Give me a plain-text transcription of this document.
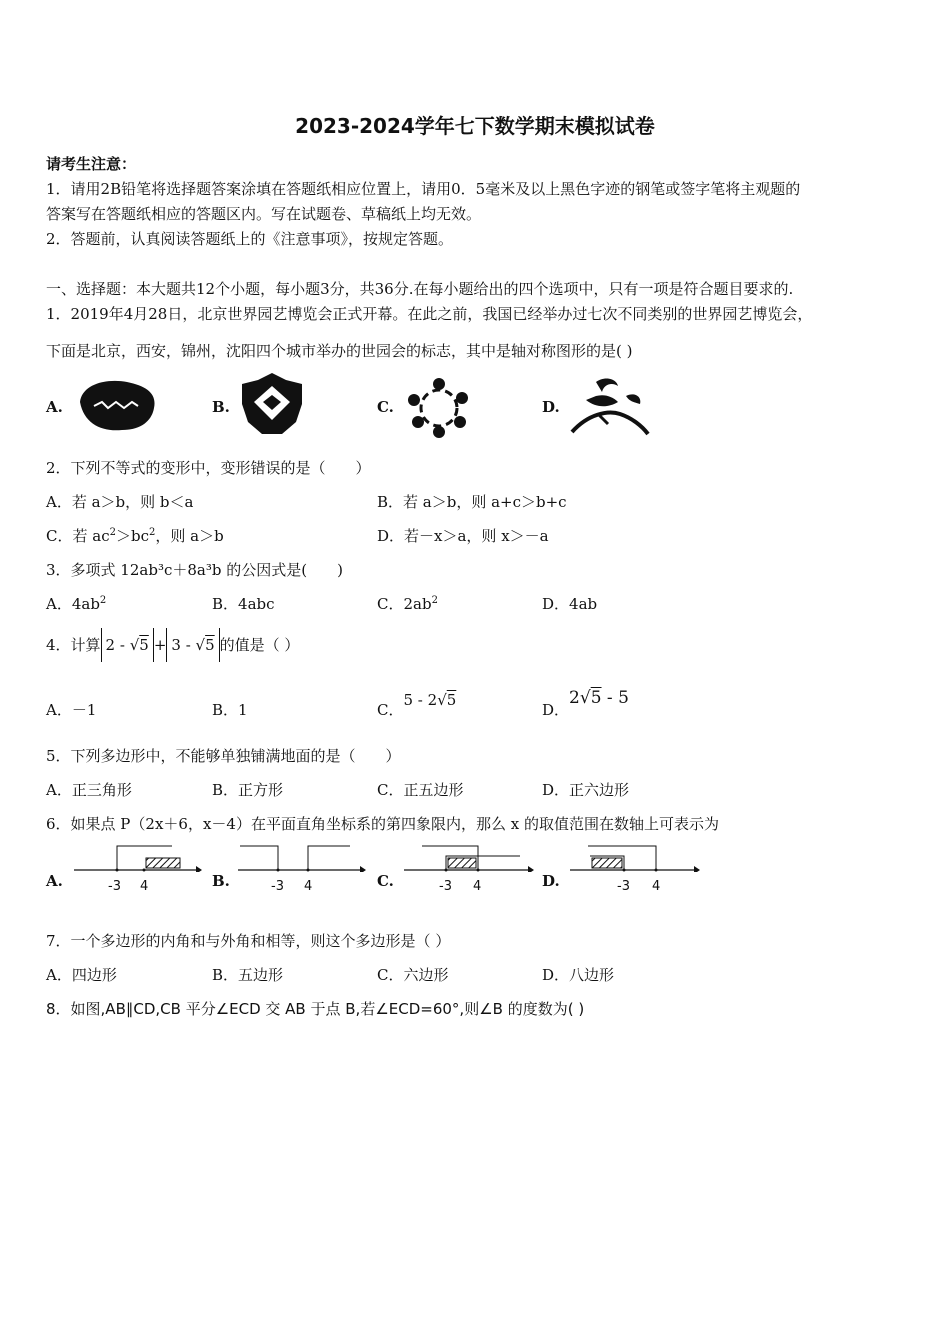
2023-2024学年七下数学期末模拟试卷
请考生注意：
1．请用2B铅笔将选择题答案涂填在答题纸相应位置上，请用0．5毫米及以上黑色字迹的钢笔或签字笔将主观题的
答案写在答题纸相应的答题区内。写在试题卷、草稿纸上均无效。
2．答题前，认真阅读答题纸上的《注意事项》，按规定答题。
一、选择题：本大题共12个小题，每小题3分，共36分.在每小题给出的四个选项中，只有一项是符合题目要求的.
1．2019年4月28日，北京世界园艺博览会正式开幕。在此之前，我国已经举办过七次不同类别的世界园艺博览会，
下面是北京，西安，锦州，沈阳四个城市举办的世园会的标志，其中是轴对称图形的是( )
A.	B.	C.	D.
2．下列不等式的变形中，变形错误的是（　　）
A．若 a＞b，则 b＜a	B．若 a＞b，则 a+c＞b+c
C．若 $ac^2>bc^2$，则 a＞b	D．若－x＞a，则 x＞－a
3．多项式 12ab³c＋8a³b 的公因式是(　　)
A．$4ab^2$	B．4abc	C．$2ab^2$	D．4ab
4．计算 2 - √5 + 3 - √5 的值是（ ）
A．－1	B．1	C．5 - 2√5
D．2√5 - 5
5．下列多边形中，不能够单独铺满地面的是（　　）
A．正三角形	B．正方形	C．正五边形	D．正六边形
6．如果点 P（2x＋6，x－4）在平面直角坐标系的第四象限内，那么 x 的取值范围在数轴上可表示为
A.	-3 4	B.	-3 4	C.	-3 4	D.	-3 4
7．一个多边形的内角和与外角和相等，则这个多边形是（ ）
A．四边形	B．五边形	C．六边形	D．八边形
8．如图,AB∥CD,CB 平分∠ECD 交 AB 于点 B,若∠ECD=60°,则∠B 的度数为( )
